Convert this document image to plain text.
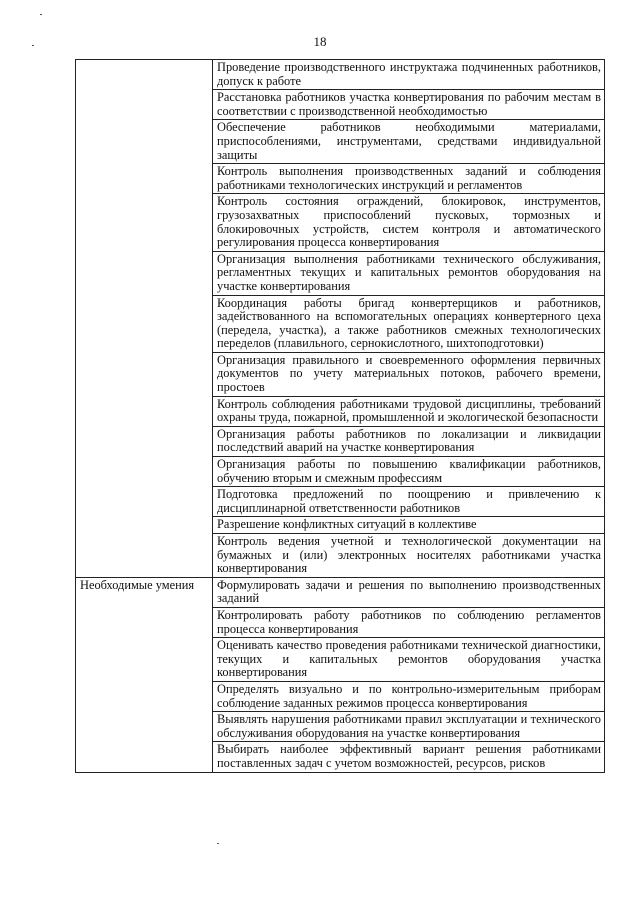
18
	Проведение производственного инструктажа подчиненных работников, допуск к работе
	Расстановка работников участка конвертирования по рабочим местам в соответствии с производственной необходимостью
	Обеспечение работников необходимыми материалами, приспособлениями, инструментами, средствами индивидуальной защиты
	Контроль выполнения производственных заданий и соблюдения работниками технологических инструкций и регламентов
	Контроль состояния ограждений, блокировок, инструментов, грузозахватных приспособлений пусковых, тормозных и блокировочных устройств, систем контроля и автоматического регулирования процесса конвертирования
	Организация выполнения работниками технического обслуживания, регламентных текущих и капитальных ремонтов оборудования на участке конвертирования
	Координация работы бригад конвертерщиков и работников, задействованного на вспомогательных операциях конвертерного цеха (передела, участка), а также работников смежных технологических переделов (плавильного, сернокислотного, шихтоподготовки)
	Организация правильного и своевременного оформления первичных документов по учету материальных потоков, рабочего времени, простоев
	Контроль соблюдения работниками трудовой дисциплины, требований охраны труда, пожарной, промышленной и экологической безопасности
	Организация работы работников по локализации и ликвидации последствий аварий на участке конвертирования
	Организация работы по повышению квалификации работников, обучению вторым и смежным профессиям
	Подготовка предложений по поощрению и привлечению к дисциплинарной ответственности работников
	Разрешение конфликтных ситуаций в коллективе
	Контроль ведения учетной и технологической документации на бумажных и (или) электронных носителях работниками участка конвертирования
Необходимые умения	Формулировать задачи и решения по выполнению производственных заданий
	Контролировать работу работников по соблюдению регламентов процесса конвертирования
	Оценивать качество проведения работниками технической диагностики, текущих и капитальных ремонтов оборудования участка конвертирования
	Определять визуально и по контрольно-измерительным приборам соблюдение заданных режимов процесса конвертирования
	Выявлять нарушения работниками правил эксплуатации и технического обслуживания оборудования на участке конвертирования
	Выбирать наиболее эффективный вариант решения работниками поставленных задач с учетом возможностей, ресурсов, рисков
